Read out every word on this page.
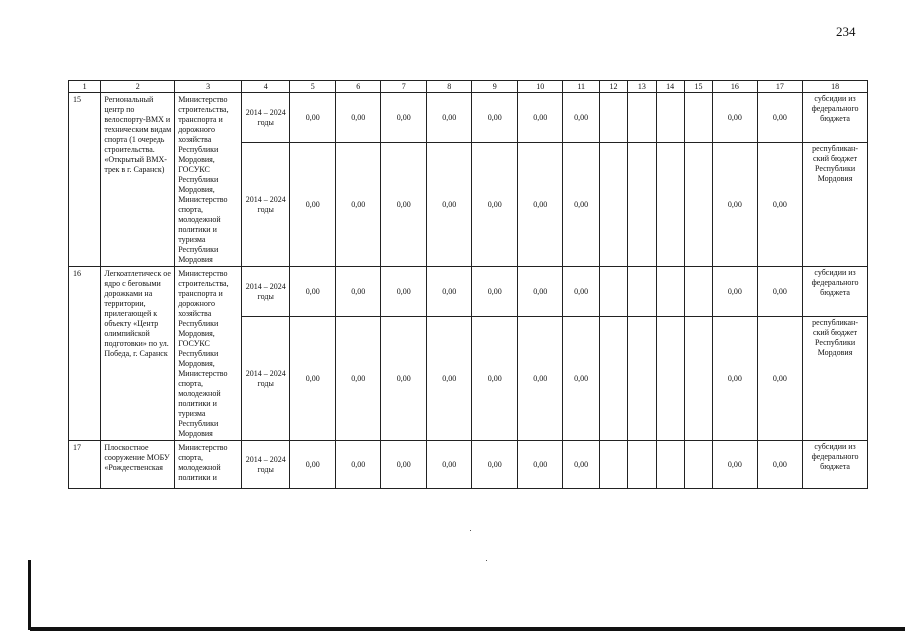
234
1	2	3	4	5	6	7	8	9	10	11	12	13	14	15	16	17	18
15	Региональный центр по велоспорту-ВМХ и техническим видам спорта (1 очередь строительства. «Открытый ВМХ-трек в г. Саранск)	Министерство строительства, транспорта и дорожного хозяйства Республики Мордовия, ГОСУКС Республики Мордовия, Министерство спорта, молодежной политики и туризма Республики Мордовия	2014 – 2024 годы	0,00	0,00	0,00	0,00	0,00	0,00	0,00					0,00	0,00	субсидии из федерального бюджета
			2014 – 2024 годы	0,00	0,00	0,00	0,00	0,00	0,00	0,00					0,00	0,00	республикан-ский бюджет Республики Мордовия
16	Легкоатлетическ ое ядро с беговыми дорожками на территории, прилегающей к объекту «Центр олимпийской подготовки» по ул. Победа, г. Саранск	Министерство строительства, транспорта и дорожного хозяйства Республики Мордовия, ГОСУКС Республики Мордовия, Министерство спорта, молодежной политики и туризма Республики Мордовия	2014 – 2024 годы	0,00	0,00	0,00	0,00	0,00	0,00	0,00					0,00	0,00	субсидии из федерального бюджета
			2014 – 2024 годы	0,00	0,00	0,00	0,00	0,00	0,00	0,00					0,00	0,00	республикан-ский бюджет Республики Мордовия
17	Плоскостное сооружение МОБУ «Рождественская	Министерство спорта, молодежной политики и	2014 – 2024 годы	0,00	0,00	0,00	0,00	0,00	0,00	0,00					0,00	0,00	субсидии из федерального бюджета
